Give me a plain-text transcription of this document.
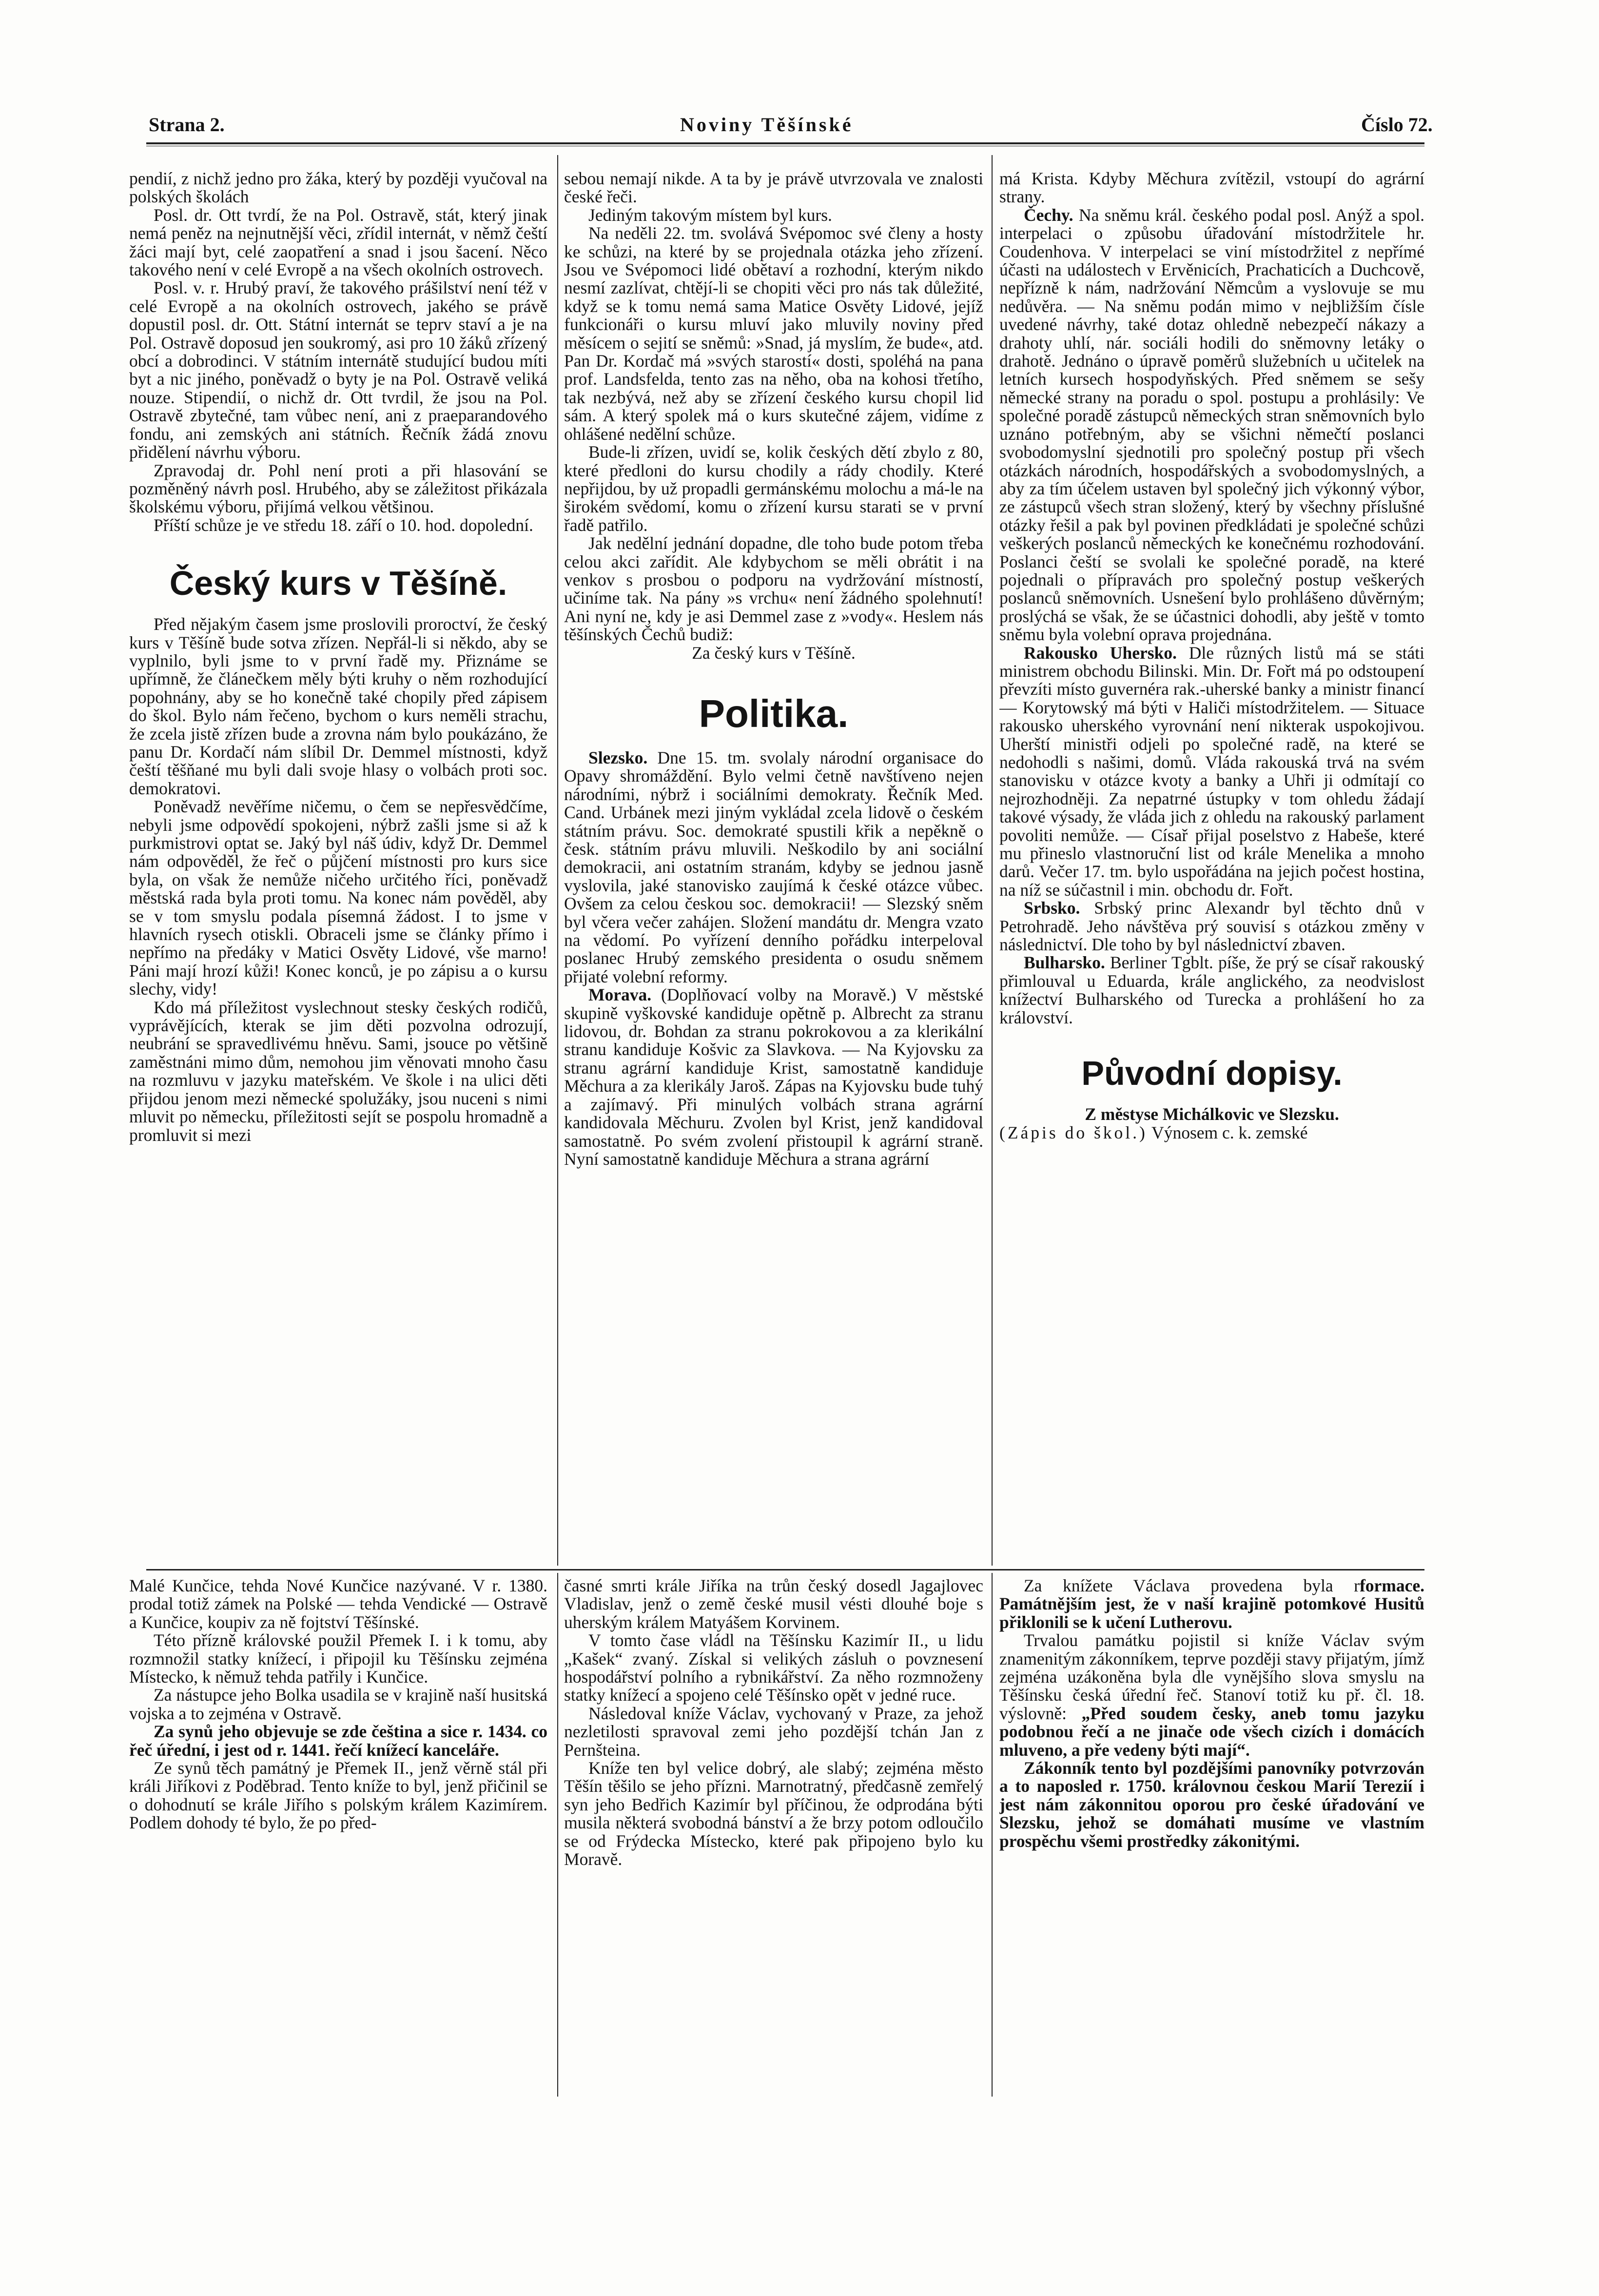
Strana 2.	Noviny Těšínské	Číslo 72.

pendií, z nichž jedno pro žáka, který by později vyučoval na polských školách

Posl. dr. Ott tvrdí, že na Pol. Ostravě, stát, který jinak nemá peněz na nejnutnější věci, zřídil internát, v němž čeští žáci mají byt, celé zaopatření a snad i jsou šacení. Něco takového není v celé Evropě a na všech okolních ostrovech.

Posl. v. r. Hrubý praví, že takového prášilství není též v celé Evropě a na okolních ostrovech, jakého se právě dopustil posl. dr. Ott. Státní internát se teprv staví a je na Pol. Ostravě doposud jen soukromý, asi pro 10 žáků zřízený obcí a dobrodinci. V státním internátě studující budou míti byt a nic jiného, poněvadž o byty je na Pol. Ostravě veliká nouze. Stipendií, o nichž dr. Ott tvrdil, že jsou na Pol. Ostravě zbytečné, tam vůbec není, ani z praeparandového fondu, ani zemských ani státních. Řečník žádá znovu přidělení návrhu výboru.

Zpravodaj dr. Pohl není proti a při hlasování se pozměněný návrh posl. Hrubého, aby se záležitost přikázala školskému výboru, přijímá velkou většinou.

Příští schůze je ve středu 18. září o 10. hod. dopolední.

Český kurs v Těšíně.

Před nějakým časem jsme proslovili proroctví, že český kurs v Těšíně bude sotva zřízen. Nepřál-li si někdo, aby se vyplnilo, byli jsme to v první řadě my. Přiznáme se upřímně, že článečkem měly býti kruhy o něm rozhodující popohnány, aby se ho konečně také chopily před zápisem do škol. Bylo nám řečeno, bychom o kurs neměli strachu, že zcela jistě zřízen bude a zrovna nám bylo poukázáno, že panu Dr. Kordačí nám slíbil Dr. Demmel místnosti, když čeští těšňané mu byli dali svoje hlasy o volbách proti soc. demokratovi.

Poněvadž nevěříme ničemu, o čem se nepřesvědčíme, nebyli jsme odpovědí spokojeni, nýbrž zašli jsme si až k purkmistrovi optat se. Jaký byl náš údiv, když Dr. Demmel nám odpověděl, že řeč o půjčení místnosti pro kurs sice byla, on však že nemůže ničeho určitého říci, poněvadž městská rada byla proti tomu. Na konec nám pověděl, aby se v tom smyslu podala písemná žádost. I to jsme v hlavních rysech otiskli. Obraceli jsme se články přímo i nepřímo na předáky v Matici Osvěty Lidové, vše marno! Páni mají hrozí kůži! Konec konců, je po zápisu a o kursu slechy, vidy!

Kdo má příležitost vyslechnout stesky českých rodičů, vyprávějících, kterak se jim děti pozvolna odrozují, neubrání se spravedlivému hněvu. Sami, jsouce po většině zaměstnáni mimo dům, nemohou jim věnovati mnoho času na rozmluvu v jazyku mateřském. Ve škole i na ulici děti přijdou jenom mezi německé spolužáky, jsou nuceni s nimi mluvit po německu, příležitosti sejít se pospolu hromadně a promluvit si mezi

sebou nemají nikde. A ta by je právě utvrzovala ve znalosti české řeči.

Jediným takovým místem byl kurs.

Na neděli 22. tm. svolává Svépomoc své členy a hosty ke schůzi, na které by se projednala otázka jeho zřízení. Jsou ve Svépomoci lidé obětaví a rozhodní, kterým nikdo nesmí zazlívat, chtějí-li se chopiti věci pro nás tak důležité, když se k tomu nemá sama Matice Osvěty Lidové, jejíž funkcionáři o kursu mluví jako mluvily noviny před měsícem o sejití se sněmů: »Snad, já myslím, že bude«, atd. Pan Dr. Kordač má »svých starostí« dosti, spoléhá na pana prof. Landsfelda, tento zas na něho, oba na kohosi třetího, tak nezbývá, než aby se zřízení českého kursu chopil lid sám. A který spolek má o kurs skutečné zájem, vidíme z ohlášené nedělní schůze.

Bude-li zřízen, uvidí se, kolik českých dětí zbylo z 80, které předloni do kursu chodily a rády chodily. Které nepřijdou, by už propadli germánskému molochu a má-le na širokém svědomí, komu o zřízení kursu starati se v první řadě patřilo.

Jak nedělní jednání dopadne, dle toho bude potom třeba celou akci zařídit. Ale kdybychom se měli obrátit i na venkov s prosbou o podporu na vydržování místností, učiníme tak. Na pány »s vrchu« není žádného spolehnutí! Ani nyní ne, kdy je asi Demmel zase z »vody«. Heslem nás těšínských Čechů budiž:

Za český kurs v Těšíně.

Politika.

Slezsko. Dne 15. tm. svolaly národní organisace do Opavy shromáždění. Bylo velmi četně navštíveno nejen národními, nýbrž i sociálními demokraty. Řečník Med. Cand. Urbánek mezi jiným vykládal zcela lidově o českém státním právu. Soc. demokraté spustili křik a nepěkně o česk. státním právu mluvili. Neškodilo by ani sociální demokracii, ani ostatním stranám, kdyby se jednou jasně vyslovila, jaké stanovisko zaujímá k české otázce vůbec. Ovšem za celou českou soc. demokracii! — Slezský sněm byl včera večer zahájen. Složení mandátu dr. Mengra vzato na vědomí. Po vyřízení denního pořádku interpeloval poslanec Hrubý zemského presidenta o osudu sněmem přijaté volební reformy.

Morava. (Doplňovací volby na Moravě.) V městské skupině vyškovské kandiduje opětně p. Albrecht za stranu lidovou, dr. Bohdan za stranu pokrokovou a za klerikální stranu kandiduje Košvic za Slavkova. — Na Kyjovsku za stranu agrární kandiduje Krist, samostatně kandiduje Měchura a za klerikály Jaroš. Zápas na Kyjovsku bude tuhý a zajímavý. Při minulých volbách strana agrární kandidovala Měchuru. Zvolen byl Krist, jenž kandidoval samostatně. Po svém zvolení přistoupil k agrární straně. Nyní samostatně kandiduje Měchura a strana agrární

má Krista. Kdyby Měchura zvítězil, vstoupí do agrární strany.

Čechy. Na sněmu král. českého podal posl. Anýž a spol. interpelaci o způsobu úřadování místodržitele hr. Coudenhova. V interpelaci se viní místodržitel z nepřímé účasti na událostech v Ervěnicích, Prachaticích a Duchcově, nepřízně k nám, nadržování Němcům a vyslovuje se mu nedůvěra. — Na sněmu podán mimo v nejbližším čísle uvedené návrhy, také dotaz ohledně nebezpečí nákazy a drahoty uhlí, nár. sociáli hodili do sněmovny letáky o drahotě. Jednáno o úpravě poměrů služebních u učitelek na letních kursech hospodyňských. Před sněmem se sešy německé strany na poradu o spol. postupu a prohlásily: Ve společné poradě zástupců německých stran sněmovních bylo uznáno potřebným, aby se všichni němečtí poslanci svobodomyslní sjednotili pro společný postup při všech otázkách národních, hospodářských a svobodomyslných, a aby za tím účelem ustaven byl společný jich výkonný výbor, ze zástupců všech stran složený, který by všechny příslušné otázky řešil a pak byl povinen předkládati je společné schůzi veškerých poslanců německých ke konečnému rozhodování. Poslanci čeští se svolali ke společné poradě, na které pojednali o přípravách pro společný postup veškerých poslanců sněmovních. Usnešení bylo prohlášeno důvěrným; proslýchá se však, že se účastnici dohodli, aby ještě v tomto sněmu byla volební oprava projednána.

Rakousko Uhersko. Dle různých listů má se státi ministrem obchodu Bilinski. Min. Dr. Fořt má po odstoupení převzíti místo guvernéra rak.-uherské banky a ministr financí — Korytowský má býti v Haliči místodržitelem. — Situace rakousko uherského vyrovnání není nikterak uspokojivou. Uherští ministři odjeli po společné radě, na které se nedohodli s našimi, domů. Vláda rakouská trvá na svém stanovisku v otázce kvoty a banky a Uhři ji odmítají co nejrozhodněji. Za nepatrné ústupky v tom ohledu žádají takové výsady, že vláda jich z ohledu na rakouský parlament povoliti nemůže. — Císař přijal poselstvo z Habeše, které mu přineslo vlastnoruční list od krále Menelika a mnoho darů. Večer 17. tm. bylo uspořádána na jejich počest hostina, na níž se súčastnil i min. obchodu dr. Fořt.

Srbsko. Srbský princ Alexandr byl těchto dnů v Petrohradě. Jeho návštěva prý souvisí s otázkou změny v následnictví. Dle toho by byl následnictví zbaven.

Bulharsko. Berliner Tgblt. píše, že prý se císař rakouský přimlouval u Eduarda, krále anglického, za neodvislost knížectví Bulharského od Turecka a prohlášení ho za království.

Původní dopisy.

Z městyse Michálkovic ve Slezsku.

(Zápis do škol.) Výnosem c. k. zemské

Malé Kunčice, tehda Nové Kunčice nazývané. V r. 1380. prodal totiž zámek na Polské — tehda Vendické — Ostravě a Kunčice, koupiv za ně fojtství Těšínské.

Této přízně královské použil Přemek I. i k tomu, aby rozmnožil statky knížecí, i připojil ku Těšínsku zejména Místecko, k němuž tehda patřily i Kunčice.

Za nástupce jeho Bolka usadila se v krajině naší husitská vojska a to zejména v Ostravě.

Za synů jeho objevuje se zde čeština a sice r. 1434. co řeč úřední, i jest od r. 1441. řečí knížecí kanceláře.

Ze synů těch památný je Přemek II., jenž věrně stál při králi Jiříkovi z Poděbrad. Tento kníže to byl, jenž přičinil se o dohodnutí se krále Jiřího s polským králem Kazimírem. Podlem dohody té bylo, že po před-

časné smrti krále Jiříka na trůn český dosedl Jagajlovec Vladislav, jenž o země české musil vésti dlouhé boje s uherským králem Matyášem Korvinem.

V tomto čase vládl na Těšínsku Kazimír II., u lidu „Kašek“ zvaný. Získal si velikých zásluh o povznesení hospodářství polního a rybnikářství. Za něho rozmnoženy statky knížecí a spojeno celé Těšínsko opět v jedné ruce.

Následoval kníže Václav, vychovaný v Praze, za jehož nezletilosti spravoval zemi jeho pozdější tchán Jan z Pernšteina.

Kníže ten byl velice dobrý, ale slabý; zejména město Těšín těšilo se jeho přízni. Marnotratný, předčasně zemřelý syn jeho Bedřich Kazimír byl příčinou, že odprodána býti musila některá svobodná bánství a že brzy potom odloučilo se od Frýdecka Místecko, které pak připojeno bylo ku Moravě.

Za knížete Václava provedena byla rformace. Památnějším jest, že v naší krajině potomkové Husitů přiklonili se k učení Lutherovu.

Trvalou památku pojistil si kníže Václav svým znamenitým zákonníkem, teprve později stavy přijatým, jímž zejména uzákoněna byla dle vynějšího slova smyslu na Těšínsku česká úřední řeč. Stanoví totiž ku př. čl. 18. výslovně: „Před soudem česky, aneb tomu jazyku podobnou řečí a ne jinače ode všech cizích i domácích mluveno, a pře vedeny býti mají“.

Zákonník tento byl pozdějšími panovníky potvrzován a to naposled r. 1750. královnou českou Marií Terezií i jest nám zákonnitou oporou pro české úřadování ve Slezsku, jehož se domáhati musíme ve vlastním prospěchu všemi prostředky zákonitými.
